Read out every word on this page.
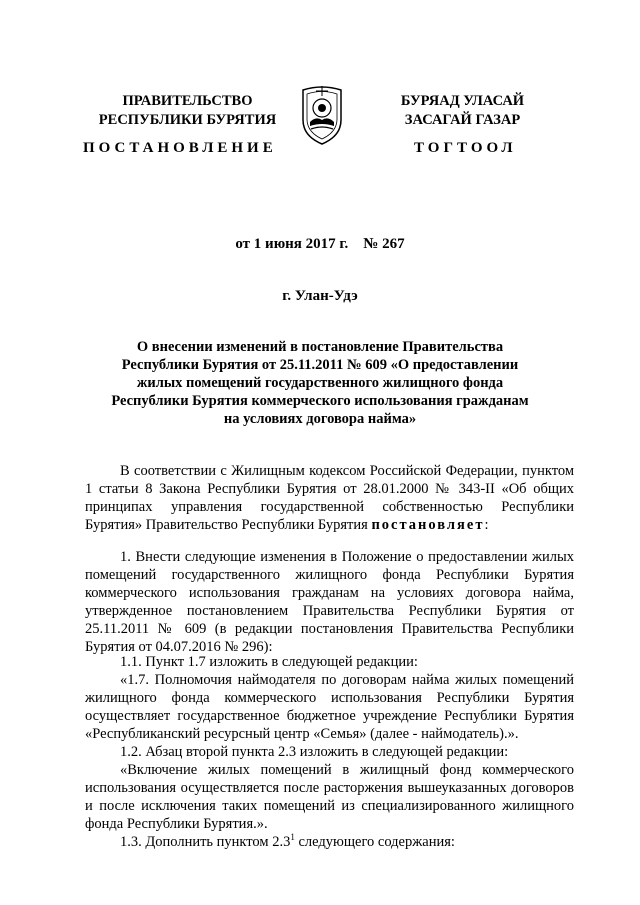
ПРАВИТЕЛЬСТВО
РЕСПУБЛИКИ БУРЯТИЯ
ПОСТАНОВЛЕНИЕ
БУРЯАД УЛАСАЙ
ЗАСАГАЙ ГАЗАР
ТОГТООЛ
от 1 июня 2017 г.    № 267
г. Улан-Удэ
О внесении изменений в постановление Правительства Республики Бурятия от 25.11.2011 № 609 «О предоставлении жилых помещений государственного жилищного фонда Республики Бурятия коммерческого использования гражданам на условиях договора найма»
В соответствии с Жилищным кодексом Российской Федерации, пунктом 1 статьи 8 Закона Республики Бурятия от 28.01.2000 № 343-II «Об общих принципах управления государственной собственностью Республики Бурятия» Правительство Республики Бурятия постановляет:
1. Внести следующие изменения в Положение о предоставлении жилых помещений государственного жилищного фонда Республики Бурятия коммерческого использования гражданам на условиях договора найма, утвержденное постановлением Правительства Республики Бурятия от 25.11.2011 № 609 (в редакции постановления Правительства Республики Бурятия от 04.07.2016 № 296):
1.1. Пункт 1.7 изложить в следующей редакции:
«1.7. Полномочия наймодателя по договорам найма жилых помещений жилищного фонда коммерческого использования Республики Бурятия осуществляет государственное бюджетное учреждение Республики Бурятия «Республиканский ресурсный центр «Семья» (далее - наймодатель).».
1.2. Абзац второй пункта 2.3 изложить в следующей редакции:
«Включение жилых помещений в жилищный фонд коммерческого использования осуществляется после расторжения вышеуказанных договоров и после исключения таких помещений из специализированного жилищного фонда Республики Бурятия.».
1.3. Дополнить пунктом $2.3^1$ следующего содержания:
